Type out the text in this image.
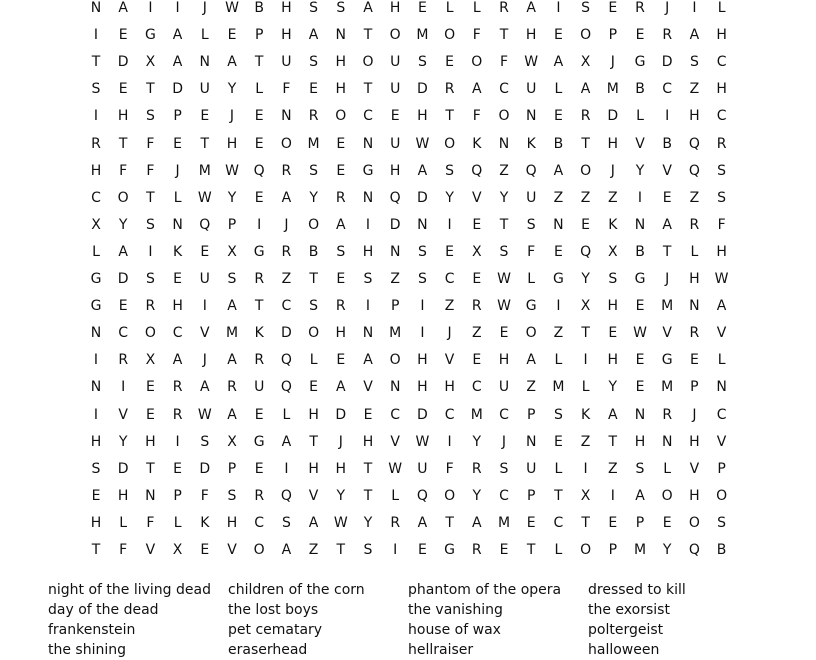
N	A	I	I	J	W	B	H	S	S	A	H	E	L	L	R	A	I	S	E	R	J	I	L
I	E	G	A	L	E	P	H	A	N	T	O	M	O	F	T	H	E	O	P	E	R	A	H
T	D	X	A	N	A	T	U	S	H	O	U	S	E	O	F	W	A	X	J	G	D	S	C
S	E	T	D	U	Y	L	F	E	H	T	U	D	R	A	C	U	L	A	M	B	C	Z	H
I	H	S	P	E	J	E	N	R	O	C	E	H	T	F	O	N	E	R	D	L	I	H	C
R	T	F	E	T	H	E	O	M	E	N	U	W	O	K	N	K	B	T	H	V	B	Q	R
H	F	F	J	M W	Q	R	S	E	G	H	A	S	Q	Z	Q	A	O	J	Y	V	Q	S
C	O	T	L	W	Y	E	A	Y	R	N	Q	D	Y	V	Y	U	Z	Z	Z	I	E	Z	S
X	Y	S	N	Q	P	I	J	O	A	I	D	N	I	E	T	S	N	E	K	N	A	R	F
L	A	I	K	E	X	G	R	B	S	H	N	S	E	X	S	F	E	Q	X	B	T	L	H
G	D	S	E	U	S	R	Z	T	E	S	Z	S	C	E	W	L	G	Y	S	G	J	H	W
G	E	R	H	I	A	T	C	S	R	I	P	I	Z	R	W	G	I	X	H	E	M	N	A
N	C	O	C	V	M	K	D	O	H	N	M	I	J	Z	E	O	Z	T	E	W	V	R	V
I	R	X	A	J	A	R	Q	L	E	A	O	H	V	E	H	A	L	I	H	E	G	E	L
N	I	E	R	A	R	U	Q	E	A	V	N	H	H	C	U	Z	M	L	Y	E	M	P	N
I	V	E	R	W	A	E	L	H	D	E	C	D	C	M	C	P	S	K	A	N	R	J	C
H	Y	H	I	S	X	G	A	T	J	H	V	W	I	Y	J	N	E	Z	T	H	N	H	V
S	D	T	E	D	P	E	I	H	H	T	W	U	F	R	S	U	L	I	Z	S	L	V	P
E	H	N	P	F	S	R	Q	V	Y	T	L	Q	O	Y	C	P	T	X	I	A	O	H	O
H	L	F	L	K	H	C	S	A	W	Y	R	A	T	A	M	E	C	T	E	P	E	O	S
T	F	V	X	E	V	O	A	Z	T	S	I	E	G	R	E	T	L	O	P	M	Y	Q	B
night of the living dead
day of the dead
frankenstein
the shining
children of the corn
the lost boys
pet cematary
eraserhead
phantom of the opera
the vanishing
house of wax
hellraiser
dressed to kill
the exorsist
poltergeist
halloween
